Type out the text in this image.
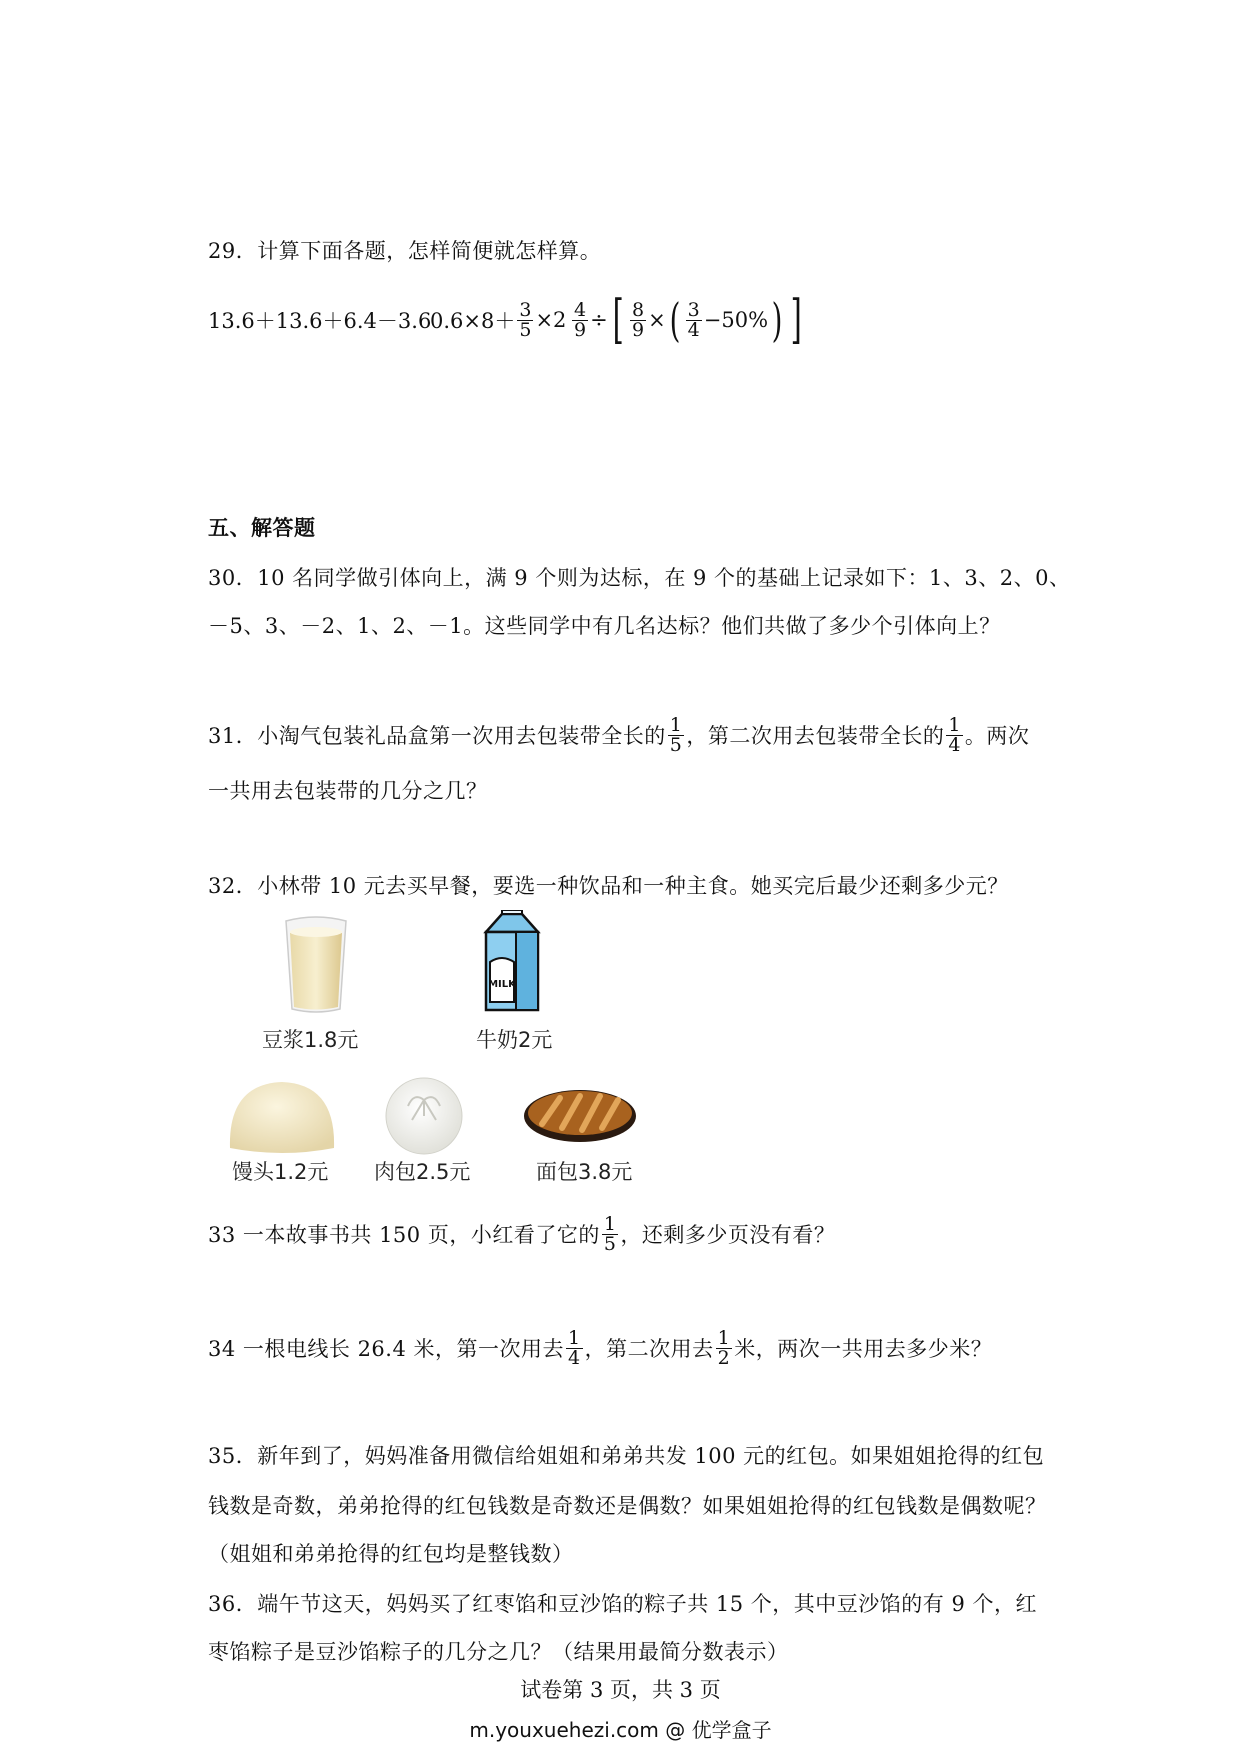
29．计算下面各题，怎样简便就怎样算。
13.6＋13.6＋6.4－3.6
$0.6\times 8+ \frac{3}{5} \times 2 \frac{4}{9}$ ÷ [ $\frac{8}{9}$ × ( $\frac{3}{4} -50\%$ ) ]
五、解答题
30．10 名同学做引体向上，满 9 个则为达标，在 9 个的基础上记录如下：1、3、2、0、
－5、3、－2、1、2、－1。这些同学中有几名达标？他们共做了多少个引体向上？
31．小淘气包装礼品盒第一次用去包装带全长的 $\frac{1}{5}$ ，第二次用去包装带全长的 $\frac{1}{4}$ 。两次
一共用去包装带的几分之几？
32．小林带 10 元去买早餐，要选一种饮品和一种主食。她买完后最少还剩多少元？
豆浆1.8元
MILK
牛奶2元
馒头1.2元 肉包2.5元	面包3.8元
33 一本故事书共 150 页，小红看了它的 $\frac{1}{5}$ ，还剩多少页没有看？
34 一根电线长 26.4 米，第一次用去 $\frac{1}{4}$ ，第二次用去 $\frac{1}{2}$ 米，两次一共用去多少米？
35．新年到了，妈妈准备用微信给姐姐和弟弟共发 100 元的红包。如果姐姐抢得的红包
钱数是奇数，弟弟抢得的红包钱数是奇数还是偶数？如果姐姐抢得的红包钱数是偶数呢？
（姐姐和弟弟抢得的红包均是整钱数）
36．端午节这天，妈妈买了红枣馅和豆沙馅的粽子共 15 个，其中豆沙馅的有 9 个，红
枣馅粽子是豆沙馅粽子的几分之几？（结果用最简分数表示）
试卷第 3 页，共 3 页
m.youxuehezi.com @ 优学盒子
